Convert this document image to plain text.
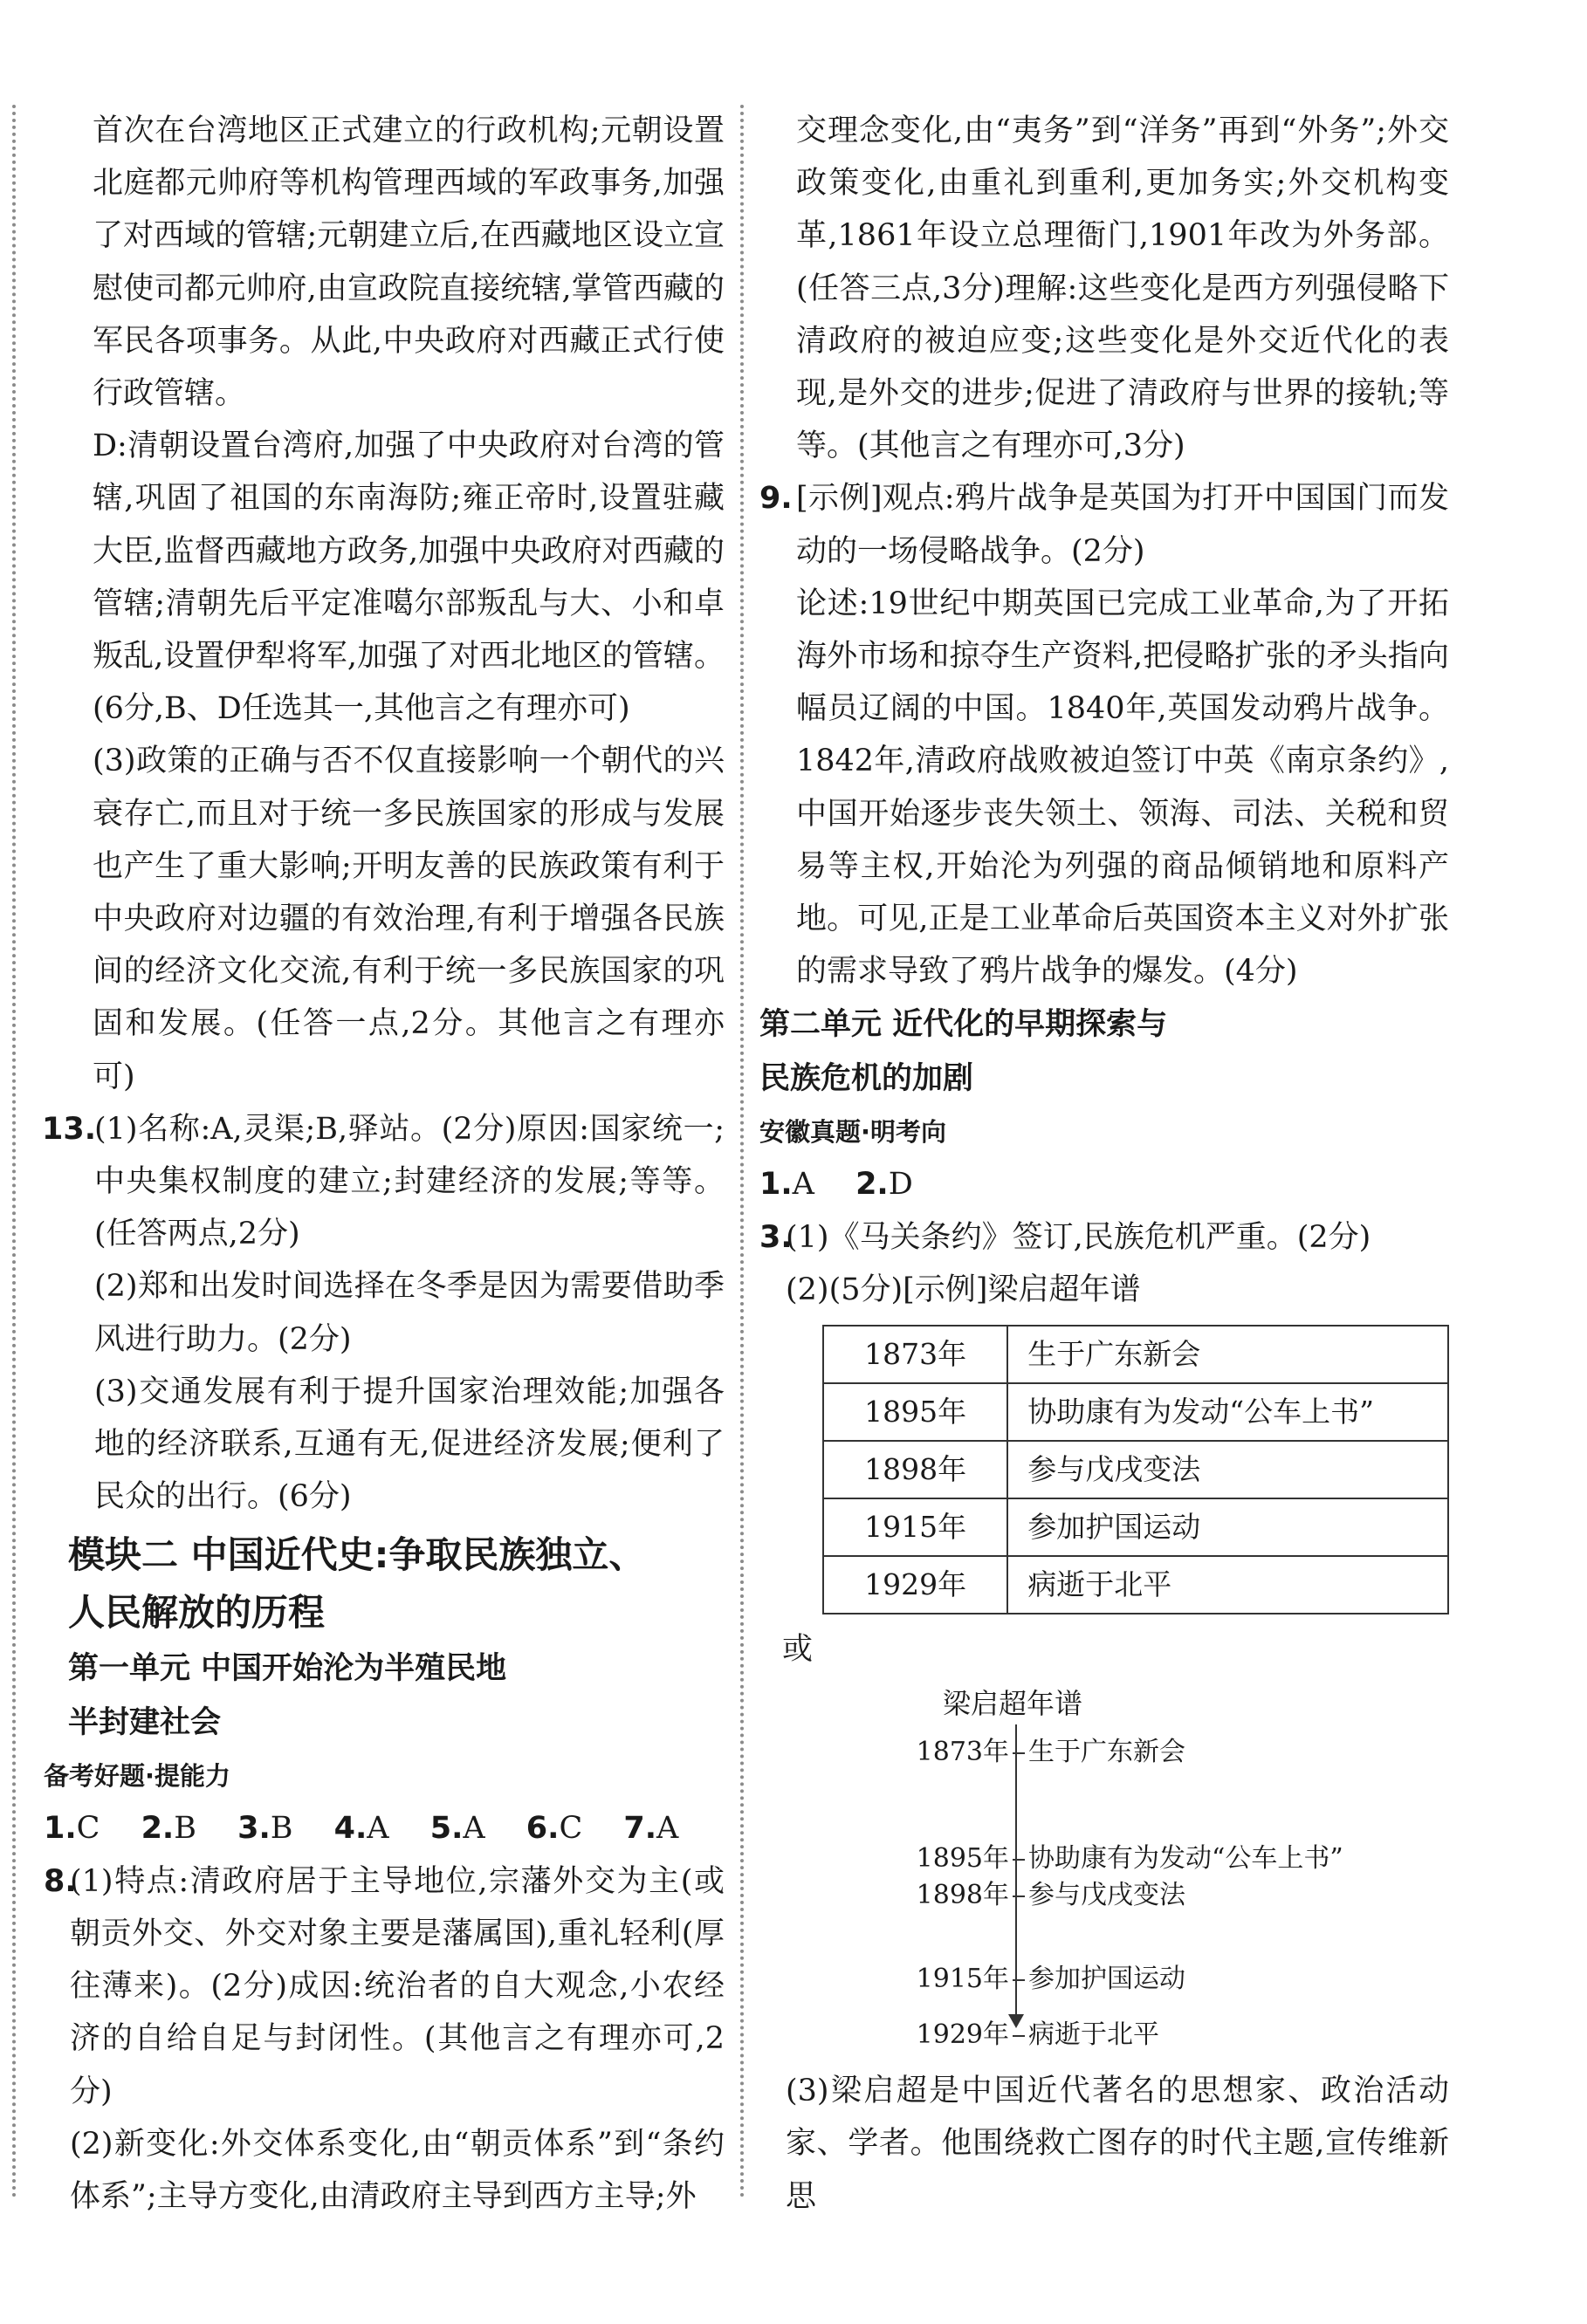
首次在台湾地区正式建立的行政机构;元朝设置北庭都元帅府等机构管理西域的军政事务,加强了对西域的管辖;元朝建立后,在西藏地区设立宣慰使司都元帅府,由宣政院直接统辖,掌管西藏的军民各项事务。从此,中央政府对西藏正式行使行政管辖。

D:清朝设置台湾府,加强了中央政府对台湾的管辖,巩固了祖国的东南海防;雍正帝时,设置驻藏大臣,监督西藏地方政务,加强中央政府对西藏的管辖;清朝先后平定准噶尔部叛乱与大、小和卓叛乱,设置伊犁将军,加强了对西北地区的管辖。(6分,B、D任选其一,其他言之有理亦可)

(3)政策的正确与否不仅直接影响一个朝代的兴衰存亡,而且对于统一多民族国家的形成与发展也产生了重大影响;开明友善的民族政策有利于中央政府对边疆的有效治理,有利于增强各民族间的经济文化交流,有利于统一多民族国家的巩固和发展。(任答一点,2分。其他言之有理亦可)

13.

(1)名称:A,灵渠;B,驿站。(2分)原因:国家统一;中央集权制度的建立;封建经济的发展;等等。(任答两点,2分)

(2)郑和出发时间选择在冬季是因为需要借助季风进行助力。(2分)

(3)交通发展有利于提升国家治理效能;加强各地的经济联系,互通有无,促进经济发展;便利了民众的出行。(6分)

模块二 中国近代史:争取民族独立、

人民解放的历程

第一单元 中国开始沦为半殖民地

半封建社会

备考好题·提能力

1.C 2.B 3.B 4.A 5.A 6.C 7.A

8.

(1)特点:清政府居于主导地位,宗藩外交为主(或朝贡外交、外交对象主要是藩属国),重礼轻利(厚往薄来)。(2分)成因:统治者的自大观念,小农经济的自给自足与封闭性。(其他言之有理亦可,2分)

(2)新变化:外交体系变化,由“朝贡体系”到“条约体系”;主导方变化,由清政府主导到西方主导;外

交理念变化,由“夷务”到“洋务”再到“外务”;外交政策变化,由重礼到重利,更加务实;外交机构变革,1861年设立总理衙门,1901年改为外务部。(任答三点,3分)理解:这些变化是西方列强侵略下清政府的被迫应变;这些变化是外交近代化的表现,是外交的进步;促进了清政府与世界的接轨;等等。(其他言之有理亦可,3分)

9. [示例]观点:鸦片战争是英国为打开中国国门而发动的一场侵略战争。(2分)

论述:19世纪中期英国已完成工业革命,为了开拓海外市场和掠夺生产资料,把侵略扩张的矛头指向幅员辽阔的中国。1840年,英国发动鸦片战争。1842年,清政府战败被迫签订中英《南京条约》,中国开始逐步丧失领土、领海、司法、关税和贸易等主权,开始沦为列强的商品倾销地和原料产地。可见,正是工业革命后英国资本主义对外扩张的需求导致了鸦片战争的爆发。(4分)

第二单元 近代化的早期探索与

民族危机的加剧

安徽真题·明考向

1.A 2.D

3.

(1)《马关条约》签订,民族危机严重。(2分)

(2)(5分)[示例]梁启超年谱

1873年	生于广东新会
1895年	协助康有为发动“公车上书”
1898年	参与戊戌变法
1915年	参加护国运动
1929年	病逝于北平

或

梁启超年谱
1873年 生于广东新会
1895年 协助康有为发动“公车上书”
1898年 参与戊戌变法
1915年 参加护国运动
1929年 病逝于北平

(3)梁启超是中国近代著名的思想家、政治活动家、学者。他围绕救亡图存的时代主题,宣传维新思
